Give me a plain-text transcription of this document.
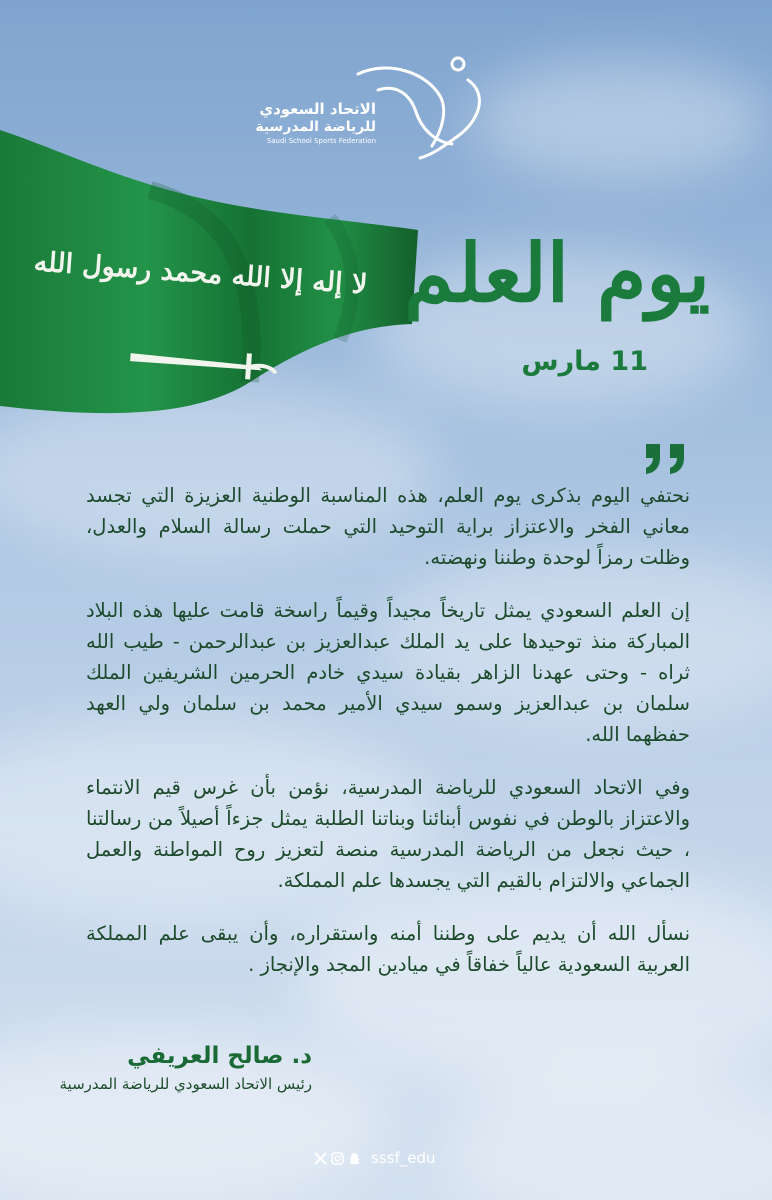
الاتحاد السعودي
للرياضة المدرسية
Saudi School Sports Federation
لا إله إلا الله محمد رسول الله يوم العلم
11 مارس

نحتفي اليوم بذكرى يوم العلم، هذه المناسبة الوطنية العزيزة التي تجسد معاني الفخر والاعتزاز براية التوحيد التي حملت رسالة السلام والعدل، وظلت رمزاً لوحدة وطننا ونهضته.

إن العلم السعودي يمثل تاريخاً مجيداً وقيماً راسخة قامت عليها هذه البلاد المباركة منذ توحيدها على يد الملك عبدالعزيز بن عبدالرحمن - طيب الله ثراه - وحتى عهدنا الزاهر بقيادة سيدي خادم الحرمين الشريفين الملك سلمان بن عبدالعزيز وسمو سيدي الأمير محمد بن سلمان ولي العهد حفظهما الله.

وفي الاتحاد السعودي للرياضة المدرسية، نؤمن بأن غرس قيم الانتماء والاعتزاز بالوطن في نفوس أبنائنا وبناتنا الطلبة يمثل جزءاً أصيلاً من رسالتنا ، حيث نجعل من الرياضة المدرسية منصة لتعزيز روح المواطنة والعمل الجماعي والالتزام بالقيم التي يجسدها علم المملكة.

نسأل الله أن يديم على وطننا أمنه واستقراره، وأن يبقى علم المملكة العربية السعودية عالياً خفاقاً في ميادين المجد والإنجاز .

د. صالح العريفي
رئيس الاتحاد السعودي للرياضة المدرسية
sssf_edu
